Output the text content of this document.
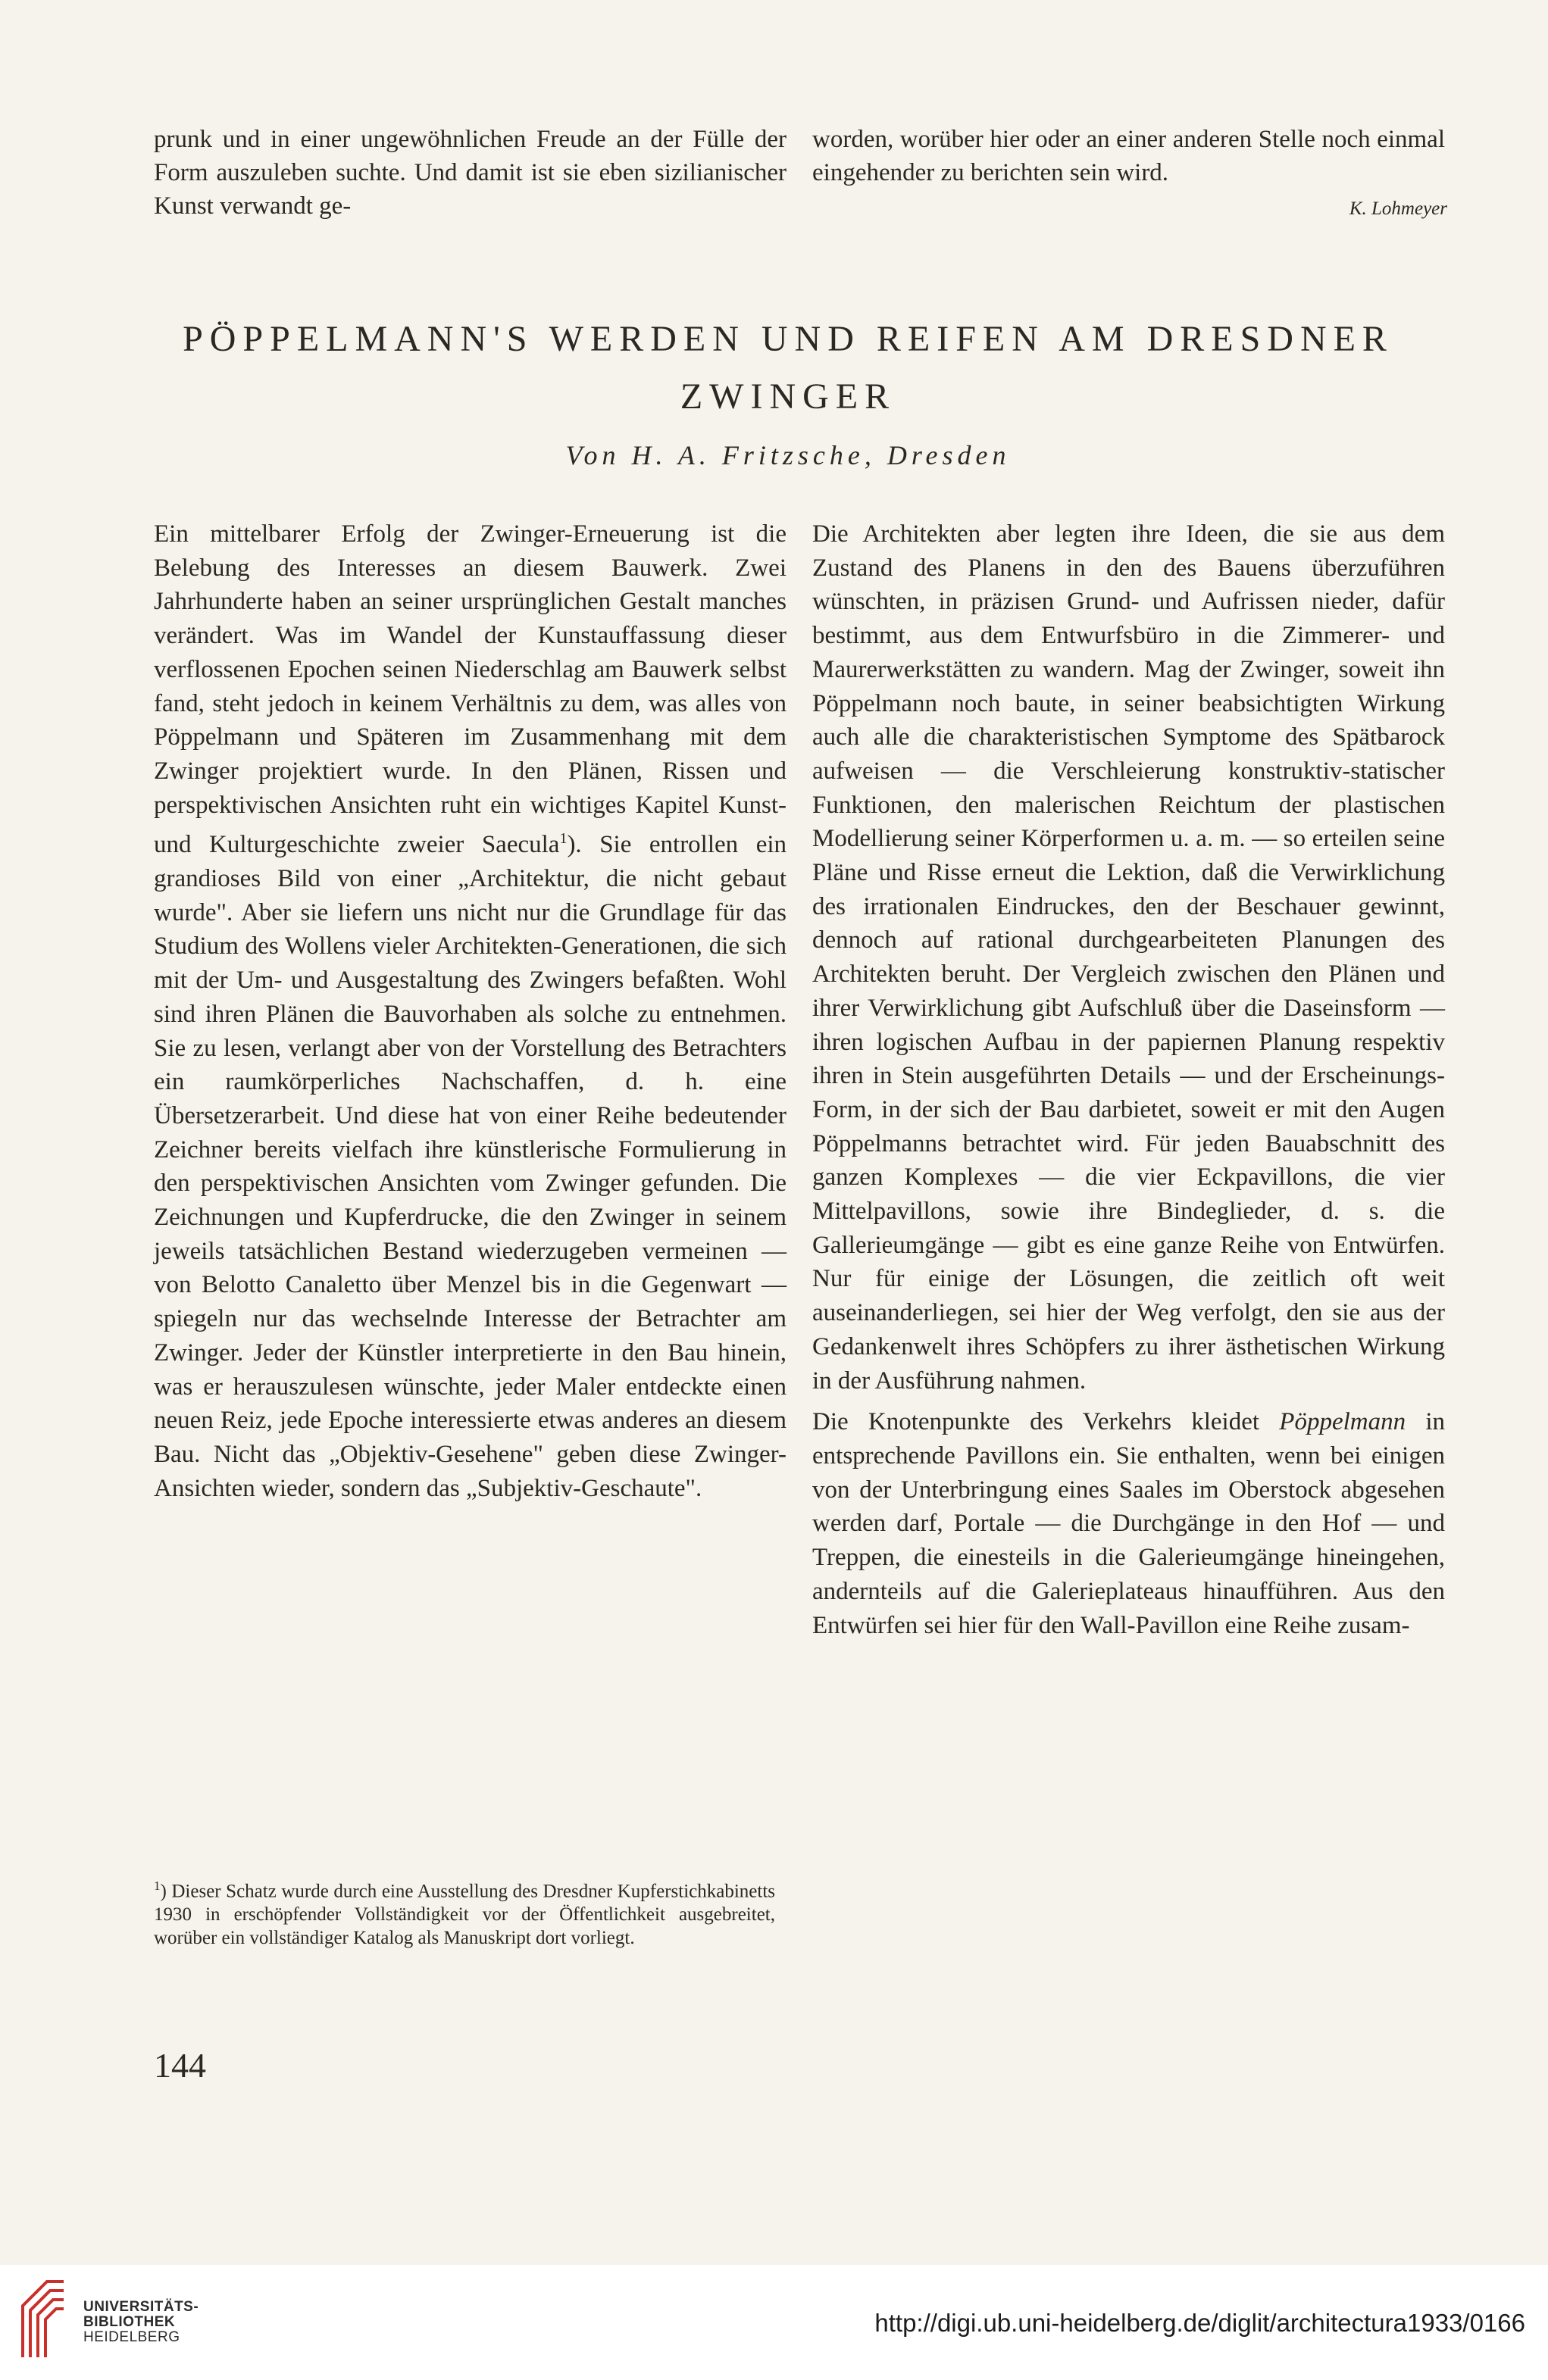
prunk und in einer ungewöhnlichen Freude an der Fülle der Form auszuleben suchte. Und damit ist sie eben sizilianischer Kunst verwandt ge-

worden, worüber hier oder an einer anderen Stelle noch einmal eingehender zu berichten sein wird.

K. Lohmeyer
PÖPPELMANN'S WERDEN UND REIFEN AM DRESDNER
ZWINGER
Von H. A. Fritzsche, Dresden

Ein mittelbarer Erfolg der Zwinger-Erneuerung ist die Belebung des Interesses an diesem Bauwerk. Zwei Jahrhunderte haben an seiner ursprünglichen Gestalt manches verändert. Was im Wandel der Kunstauffassung dieser verflossenen Epochen seinen Niederschlag am Bauwerk selbst fand, steht jedoch in keinem Verhältnis zu dem, was alles von Pöppelmann und Späteren im Zusammenhang mit dem Zwinger projektiert wurde. In den Plänen, Rissen und perspektivischen Ansichten ruht ein wichtiges Kapitel Kunst- und Kulturgeschichte zweier Saecula$^1$). Sie entrollen ein grandioses Bild von einer „Architektur, die nicht gebaut wurde". Aber sie liefern uns nicht nur die Grundlage für das Studium des Wollens vieler Architekten-Generationen, die sich mit der Um- und Ausgestaltung des Zwingers befaßten. Wohl sind ihren Plänen die Bauvorhaben als solche zu entnehmen. Sie zu lesen, verlangt aber von der Vorstellung des Betrachters ein raumkörperliches Nachschaffen, d. h. eine Übersetzerarbeit. Und diese hat von einer Reihe bedeutender Zeichner bereits vielfach ihre künstlerische Formulierung in den perspektivischen Ansichten vom Zwinger gefunden. Die Zeichnungen und Kupferdrucke, die den Zwinger in seinem jeweils tatsächlichen Bestand wiederzugeben vermeinen — von Belotto Canaletto über Menzel bis in die Gegenwart — spiegeln nur das wechselnde Interesse der Betrachter am Zwinger. Jeder der Künstler interpretierte in den Bau hinein, was er herauszulesen wünschte, jeder Maler entdeckte einen neuen Reiz, jede Epoche interessierte etwas anderes an diesem Bau. Nicht das „Objektiv-Gesehene" geben diese Zwinger-Ansichten wieder, sondern das „Subjektiv-Geschaute".

$^1$) Dieser Schatz wurde durch eine Ausstellung des Dresdner Kupferstichkabinetts 1930 in erschöpfender Vollständigkeit vor der Öffentlichkeit ausgebreitet, worüber ein vollständiger Katalog als Manuskript dort vorliegt.

Die Architekten aber legten ihre Ideen, die sie aus dem Zustand des Planens in den des Bauens überzuführen wünschten, in präzisen Grund- und Aufrissen nieder, dafür bestimmt, aus dem Entwurfsbüro in die Zimmerer- und Maurerwerkstätten zu wandern. Mag der Zwinger, soweit ihn Pöppelmann noch baute, in seiner beabsichtigten Wirkung auch alle die charakteristischen Symptome des Spätbarock aufweisen — die Verschleierung konstruktiv-statischer Funktionen, den malerischen Reichtum der plastischen Modellierung seiner Körperformen u. a. m. — so erteilen seine Pläne und Risse erneut die Lektion, daß die Verwirklichung des irrationalen Eindruckes, den der Beschauer gewinnt, dennoch auf rational durchgearbeiteten Planungen des Architekten beruht. Der Vergleich zwischen den Plänen und ihrer Verwirklichung gibt Aufschluß über die Daseinsform — ihren logischen Aufbau in der papiernen Planung respektiv ihren in Stein ausgeführten Details — und der Erscheinungs-Form, in der sich der Bau darbietet, soweit er mit den Augen Pöppelmanns betrachtet wird. Für jeden Bauabschnitt des ganzen Komplexes — die vier Eckpavillons, die vier Mittelpavillons, sowie ihre Bindeglieder, d. s. die Gallerieumgänge — gibt es eine ganze Reihe von Entwürfen. Nur für einige der Lösungen, die zeitlich oft weit auseinanderliegen, sei hier der Weg verfolgt, den sie aus der Gedankenwelt ihres Schöpfers zu ihrer ästhetischen Wirkung in der Ausführung nahmen.

Die Knotenpunkte des Verkehrs kleidet Pöppelmann in entsprechende Pavillons ein. Sie enthalten, wenn bei einigen von der Unterbringung eines Saales im Oberstock abgesehen werden darf, Portale — die Durchgänge in den Hof — und Treppen, die einesteils in die Galerieumgänge hineingehen, andernteils auf die Galerieplateaus hinaufführen. Aus den Entwürfen sei hier für den Wall-Pavillon eine Reihe zusam-

144
UNIVERSITÄTS-
BIBLIOTHEK
HEIDELBERG
http://digi.ub.uni-heidelberg.de/diglit/architectura1933/0166
